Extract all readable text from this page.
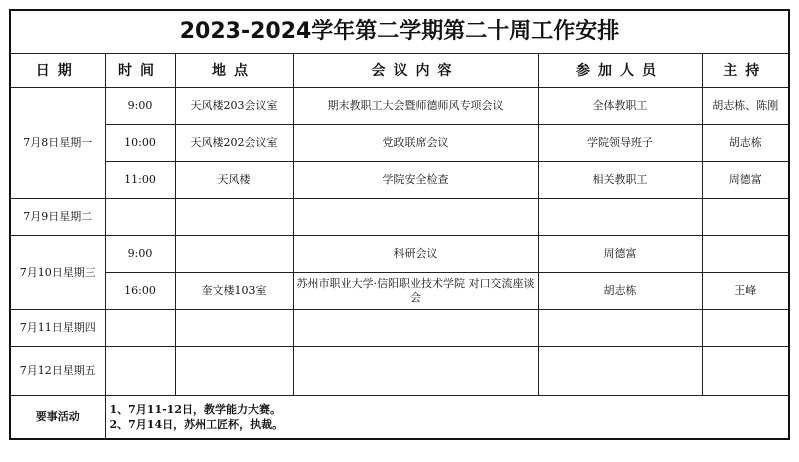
2023-2024学年第二学期第二十周工作安排					
日期	时间	地点	会议内容	参加人员	主持
7月8日星期一	9:00	天风楼203会议室	期末教职工大会暨师德师风专项会议	全体教职工	胡志栋、陈刚
	10:00	天风楼202会议室	党政联席会议	学院领导班子	胡志栋
	11:00	天风楼	学院安全检查	相关教职工	周德富
7月9日星期二					
7月10日星期三	9:00		科研会议	周德富	
	16:00	奎文楼103室	苏州市职业大学·信阳职业技术学院 对口交流座谈会	胡志栋	王峰
7月11日星期四					
7月12日星期五					
要事活动	1、7月11-12日，教学能力大赛。
2、7月14日，苏州工匠杯，执裁。				
